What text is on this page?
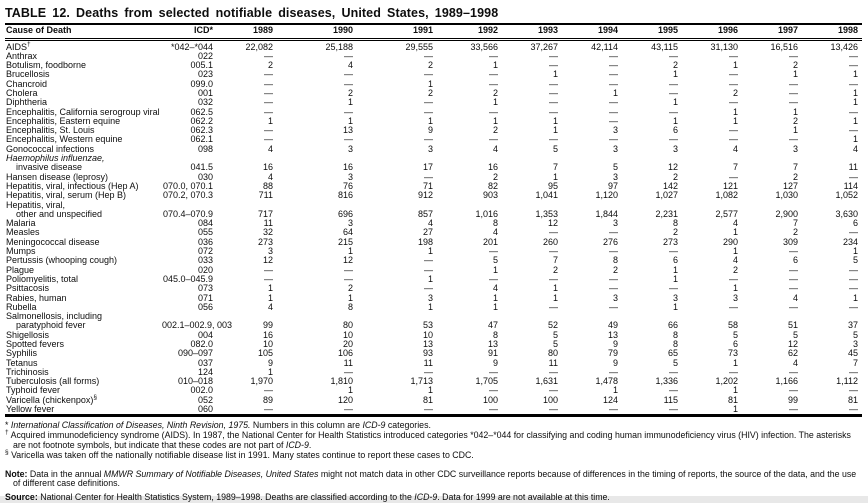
TABLE 12. Deaths from selected notifiable diseases, United States, 1989–1998

Cause of Death	ICD*	1989	1990	1991	1992	1993	1994	1995	1996	1997	1998
AIDS†	*042–*044	22,082	25,188	29,555	33,566	37,267	42,114	43,115	31,130	16,516	13,426
Anthrax	022	—	—	—	—	—	—	—	—	—	—
Botulism, foodborne	005.1	2	4	2	1	—	—	2	1	2	—
Brucellosis	023	—	—	—	—	1	—	1	—	1	1
Chancroid	099.0	—	—	1	—	—	—	—	—	—	—
Cholera	001	—	2	2	2	—	1	—	2	—	1
Diphtheria	032	—	1	—	1	—	—	1	—	—	1
Encephalitis, California serogroup viral	062.5	—	—	—	—	—	—	—	1	1	—
Encephalitis, Eastern equine	062.2	1	1	1	1	1	—	1	1	2	1
Encephalitis, St. Louis	062.3	—	13	9	2	1	3	6	—	1	—
Encephalitis, Western equine	062.1	—	—	—	—	—	—	—	—	—	1
Gonococcal infections	098	4	3	3	4	5	3	3	4	3	4
Haemophilus influenzae,											
invasive disease	041.5	16	16	17	16	7	5	12	7	7	11
Hansen disease (leprosy)	030	4	3	—	2	1	3	2	—	2	—
Hepatitis, viral, infectious (Hep A)	070.0, 070.1	88	76	71	82	95	97	142	121	127	114
Hepatitis, viral, serum (Hep B)	070.2, 070.3	711	816	912	903	1,041	1,120	1,027	1,082	1,030	1,052
Hepatitis, viral,											
other and unspecified	070.4–070.9	717	696	857	1,016	1,353	1,844	2,231	2,577	2,900	3,630
Malaria	084	11	3	4	8	12	3	8	4	7	6
Measles	055	32	64	27	4	—	—	2	1	2	—
Meningococcal disease	036	273	215	198	201	260	276	273	290	309	234
Mumps	072	3	1	1	—	—	—	—	1	—	1
Pertussis (whooping cough)	033	12	12	—	5	7	8	6	4	6	5
Plague	020	—	—	—	1	2	2	1	2	—	—
Poliomyelitis, total	045.0–045.9	—	—	1	—	—	—	1	—	—	—
Psittacosis	073	1	2	—	4	1	—	—	1	—	—
Rabies, human	071	1	1	3	1	1	3	3	3	4	1
Rubella	056	4	8	1	1	—	—	1	—	—	—
Salmonellosis, including											
paratyphoid fever	002.1–002.9, 003	99	80	53	47	52	49	66	58	51	37
Shigellosis	004	16	10	10	8	5	13	8	5	5	5
Spotted fevers	082.0	10	20	13	13	5	9	8	6	12	3
Syphilis	090–097	105	106	93	91	80	79	65	73	62	45
Tetanus	037	9	11	11	9	11	9	5	1	4	7
Trichinosis	124	1	—	—	—	—	—	—	—	—	—
Tuberculosis (all forms)	010–018	1,970	1,810	1,713	1,705	1,631	1,478	1,336	1,202	1,166	1,112
Typhoid fever	002.0	—	1	1	—	—	1	—	1	—	—
Varicella (chickenpox)§	052	89	120	81	100	100	124	115	81	99	81
Yellow fever	060	—	—	—	—	—	—	—	1	—	—

* International Classification of Diseases, Ninth Revision, 1975. Numbers in this column are ICD-9 categories.

† Acquired immunodeficiency syndrome (AIDS). In 1987, the National Center for Health Statistics introduced categories *042–*044 for classifying and coding human immunodeficiency virus (HIV) infection. The asterisks are not footnote symbols, but indicate that these codes are not part of ICD-9.

§ Varicella was taken off the nationally notifiable disease list in 1991. Many states continue to report these cases to CDC.

Note: Data in the annual MMWR Summary of Notifiable Diseases, United States might not match data in other CDC surveillance reports because of differences in the timing of reports, the source of the data, and the use of different case definitions.

Source: National Center for Health Statistics System, 1989–1998. Deaths are classified according to the ICD-9. Data for 1999 are not available at this time.
